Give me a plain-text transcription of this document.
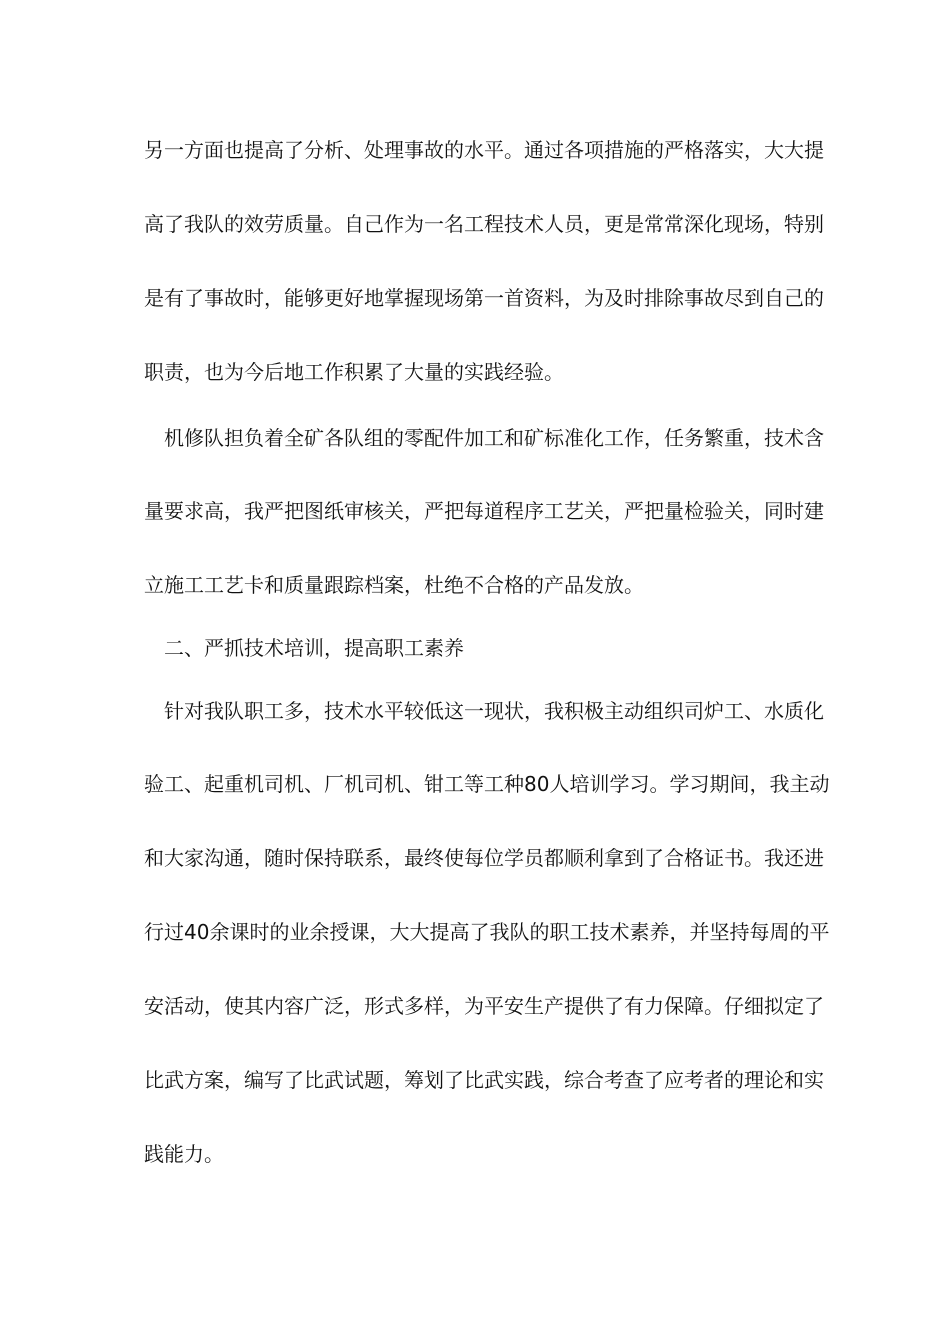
另一方面也提高了分析、处理事故的水平。通过各项措施的严格落实，大大提
高了我队的效劳质量。自己作为一名工程技术人员，更是常常深化现场，特别
是有了事故时，能够更好地掌握现场第一首资料，为及时排除事故尽到自己的
职责，也为今后地工作积累了大量的实践经验。
　机修队担负着全矿各队组的零配件加工和矿标准化工作，任务繁重，技术含
量要求高，我严把图纸审核关，严把每道程序工艺关，严把量检验关，同时建
立施工工艺卡和质量跟踪档案，杜绝不合格的产品发放。
　二、严抓技术培训，提高职工素养
　针对我队职工多，技术水平较低这一现状，我积极主动组织司炉工、水质化
验工、起重机司机、厂机司机、钳工等工种80人培训学习。学习期间，我主动
和大家沟通，随时保持联系，最终使每位学员都顺利拿到了合格证书。我还进
行过40余课时的业余授课，大大提高了我队的职工技术素养，并坚持每周的平
安活动，使其内容广泛，形式多样，为平安生产提供了有力保障。仔细拟定了
比武方案，编写了比武试题，筹划了比武实践，综合考查了应考者的理论和实
践能力。
